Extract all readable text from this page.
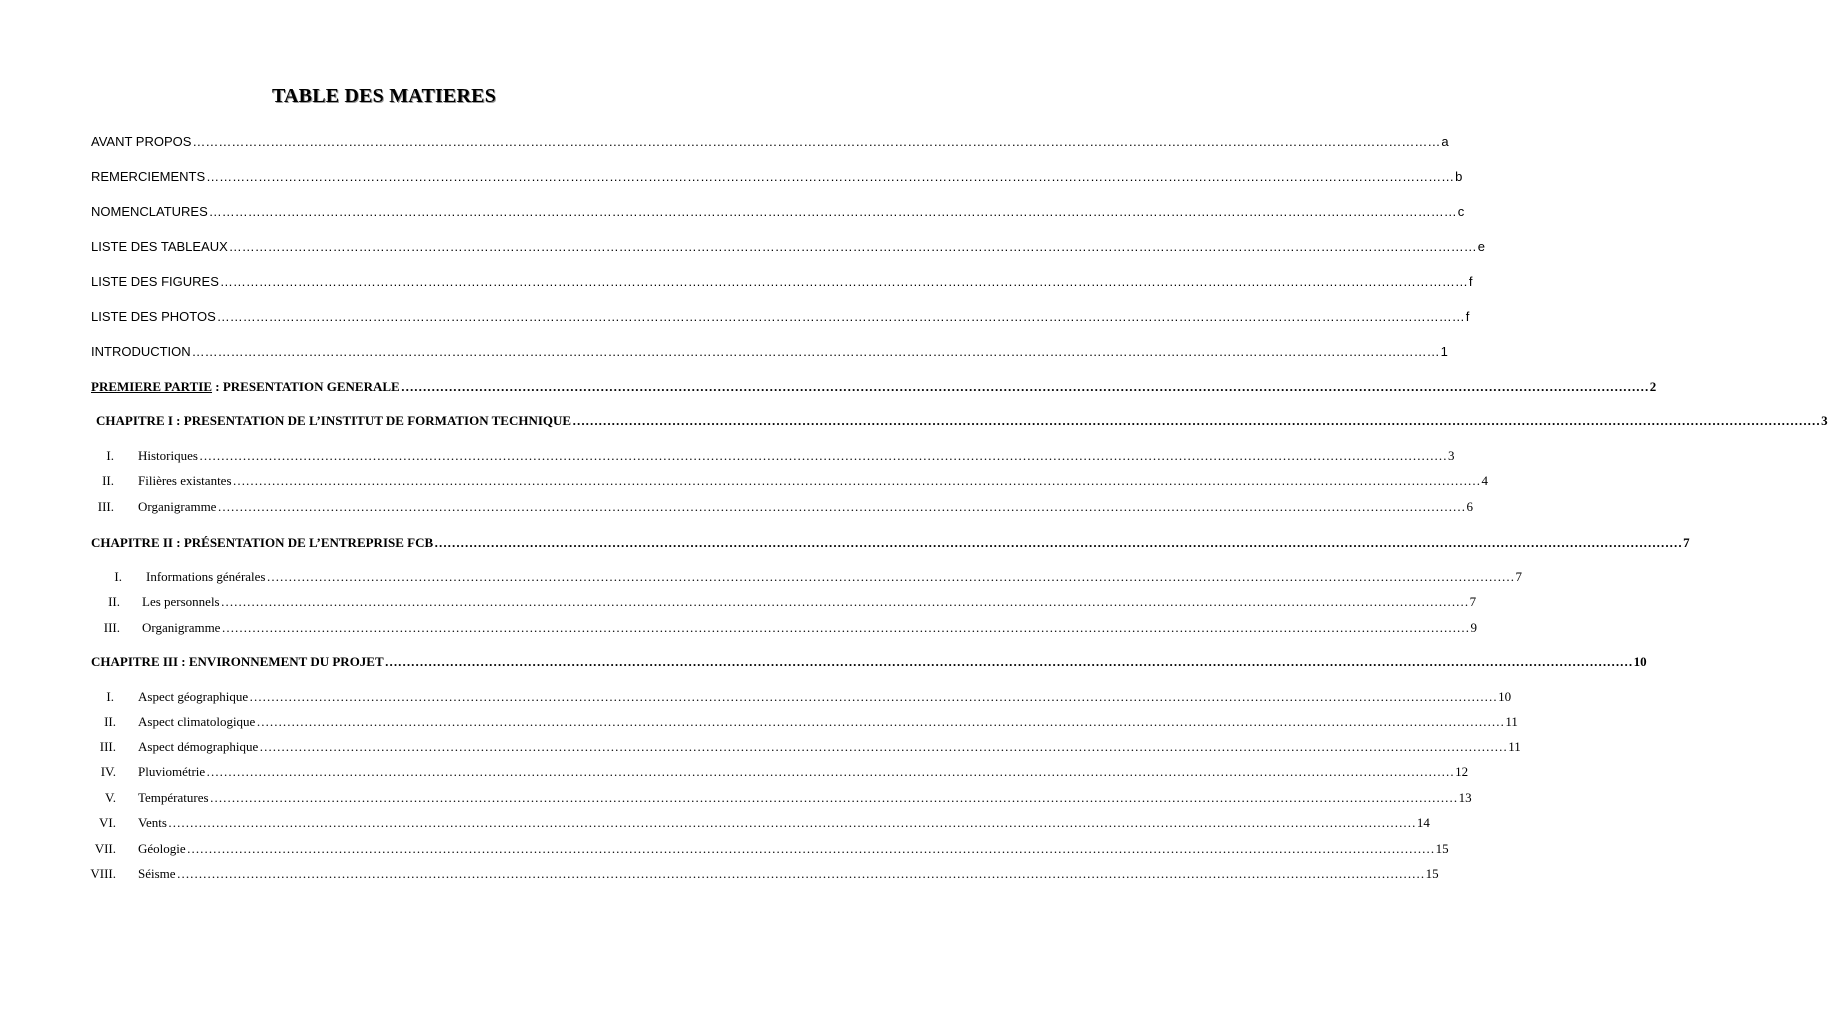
TABLE DES MATIERES
AVANT PROPOS ………………………………………………………………………………………………………………………………………………………………………………………………………………………………………………………………	a
REMERCIEMENTS ………………………………………………………………………………………………………………………………………………………………………………………………………………………………………………………………	b
NOMENCLATURES ………………………………………………………………………………………………………………………………………………………………………………………………………………………………………………………………	c
LISTE DES TABLEAUX ………………………………………………………………………………………………………………………………………………………………………………………………………………………………………………………………	e
LISTE DES FIGURES ………………………………………………………………………………………………………………………………………………………………………………………………………………………………………………………………	f
LISTE DES PHOTOS ………………………………………………………………………………………………………………………………………………………………………………………………………………………………………………………………	f
INTRODUCTION ………………………………………………………………………………………………………………………………………………………………………………………………………………………………………………………………	1
PREMIERE PARTIE : PRESENTATION GENERALE ………………………………………………………………………………………………………………………………………………………………………………………………………………………………………………………………	2
CHAPITRE I : PRESENTATION DE L’INSTITUT DE FORMATION TECHNIQUE ………………………………………………………………………………………………………………………………………………………………………………………………………………………………………………………………	3
I. Historiques ………………………………………………………………………………………………………………………………………………………………………………………………………………………………………………………………	3
II. Filières existantes ………………………………………………………………………………………………………………………………………………………………………………………………………………………………………………………………	4
III. Organigramme ………………………………………………………………………………………………………………………………………………………………………………………………………………………………………………………………	6
CHAPITRE II : PRÉSENTATION DE L’ENTREPRISE FCB ………………………………………………………………………………………………………………………………………………………………………………………………………………………………………………………………	7
I. Informations générales ………………………………………………………………………………………………………………………………………………………………………………………………………………………………………………………………	7
II. Les personnels ………………………………………………………………………………………………………………………………………………………………………………………………………………………………………………………………	7
III. Organigramme ………………………………………………………………………………………………………………………………………………………………………………………………………………………………………………………………	9
CHAPITRE III : ENVIRONNEMENT DU PROJET ………………………………………………………………………………………………………………………………………………………………………………………………………………………………………………………………	10
I. Aspect géographique ………………………………………………………………………………………………………………………………………………………………………………………………………………………………………………………………	10
II. Aspect climatologique ………………………………………………………………………………………………………………………………………………………………………………………………………………………………………………………………	11
III. Aspect démographique ………………………………………………………………………………………………………………………………………………………………………………………………………………………………………………………………	11
IV. Pluviométrie ………………………………………………………………………………………………………………………………………………………………………………………………………………………………………………………………	12
V. Températures ………………………………………………………………………………………………………………………………………………………………………………………………………………………………………………………………	13
VI. Vents ………………………………………………………………………………………………………………………………………………………………………………………………………………………………………………………………	14
VII. Géologie ………………………………………………………………………………………………………………………………………………………………………………………………………………………………………………………………	15
VIII. Séisme ………………………………………………………………………………………………………………………………………………………………………………………………………………………………………………………………	15
